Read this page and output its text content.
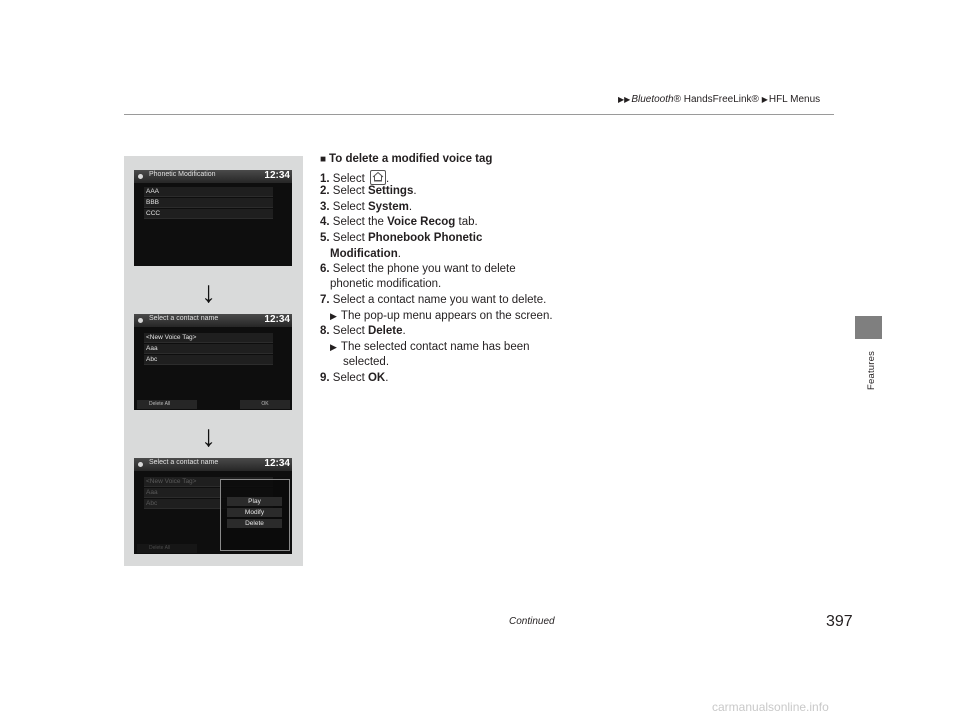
▶▶Bluetooth® HandsFreeLink® ▶HFL Menus
Features
Phonetic Modification	12:34
AAA
BBB
CCC
↓
Select a contact name	12:34
<New Voice Tag>
Aaa
Abc
Delete All	OK
↓
Select a contact name	12:34
<New Voice Tag>
Aaa
Abc
Delete All
Play
Modify
Delete
■ To delete a modified voice tag
1. Select .
2. Select Settings.
3. Select System.
4. Select the Voice Recog tab.
5. Select Phonebook Phonetic
Modification.
6. Select the phone you want to delete
phonetic modification.
7. Select a contact name you want to delete.
▶ The pop-up menu appears on the screen.
8. Select Delete.
▶ The selected contact name has been
selected.
9. Select OK.
Continued	397
carmanualsonline.info
